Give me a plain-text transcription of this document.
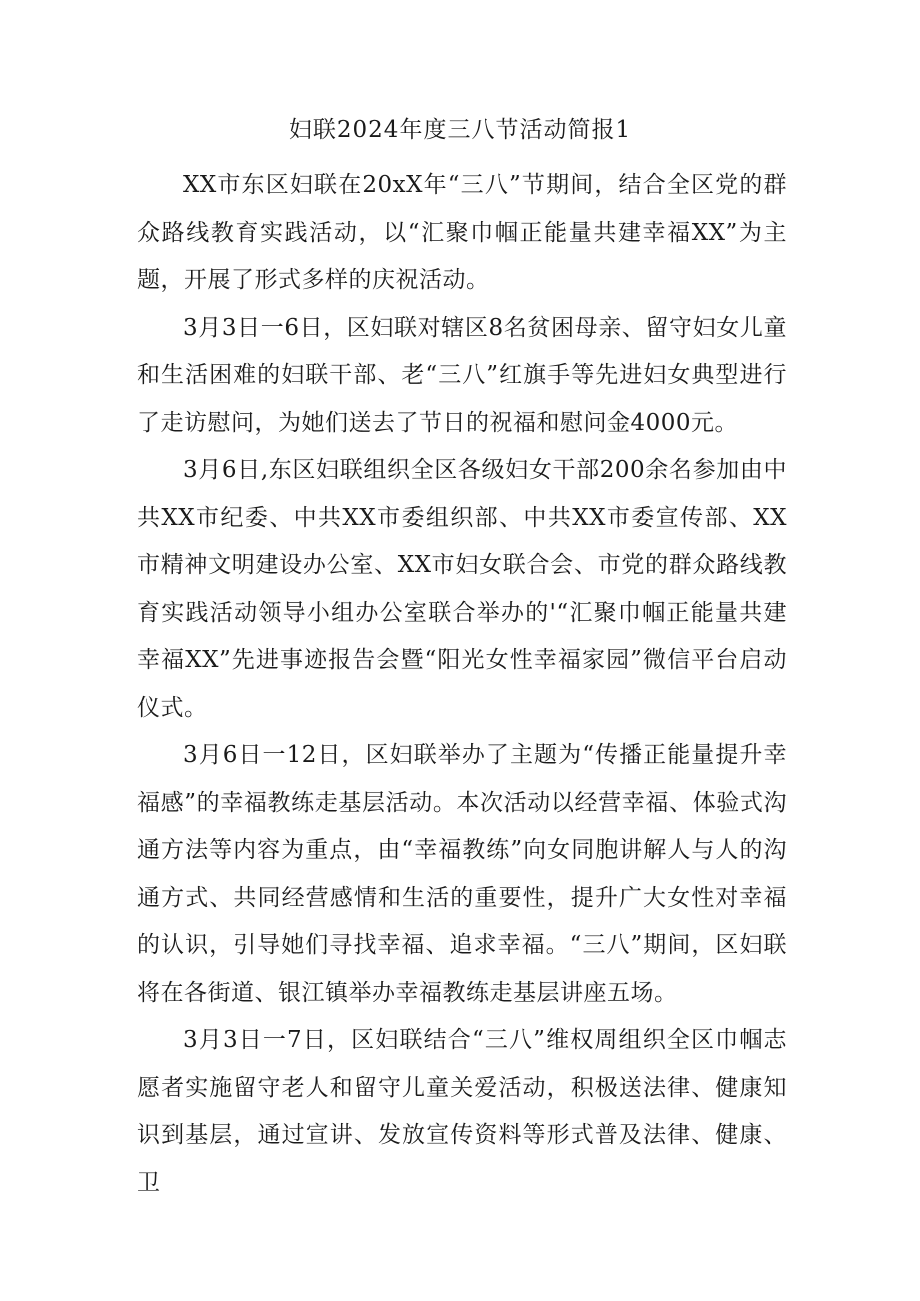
妇联2024年度三八节活动简报1

XX市东区妇联在20xX年“三八”节期间，结合全区党的群众路线教育实践活动，以“汇聚巾帼正能量共建幸福XX”为主题，开展了形式多样的庆祝活动。

3月3日一6日，区妇联对辖区8名贫困母亲、留守妇女儿童和生活困难的妇联干部、老“三八”红旗手等先进妇女典型进行了走访慰问，为她们送去了节日的祝福和慰问金4000元。

3月6日,东区妇联组织全区各级妇女干部200余名参加由中共XX市纪委、中共XX市委组织部、中共XX市委宣传部、XX市精神文明建设办公室、XX市妇女联合会、市党的群众路线教育实践活动领导小组办公室联合举办的'“汇聚巾帼正能量共建幸福XX”先进事迹报告会暨“阳光女性幸福家园”微信平台启动仪式。

3月6日一12日，区妇联举办了主题为“传播正能量提升幸福感”的幸福教练走基层活动。本次活动以经营幸福、体验式沟通方法等内容为重点，由“幸福教练”向女同胞讲解人与人的沟通方式、共同经营感情和生活的重要性，提升广大女性对幸福的认识，引导她们寻找幸福、追求幸福。“三八”期间，区妇联将在各街道、银江镇举办幸福教练走基层讲座五场。

3月3日一7日，区妇联结合“三八”维权周组织全区巾帼志愿者实施留守老人和留守儿童关爱活动，积极送法律、健康知识到基层，通过宣讲、发放宣传资料等形式普及法律、健康、卫
